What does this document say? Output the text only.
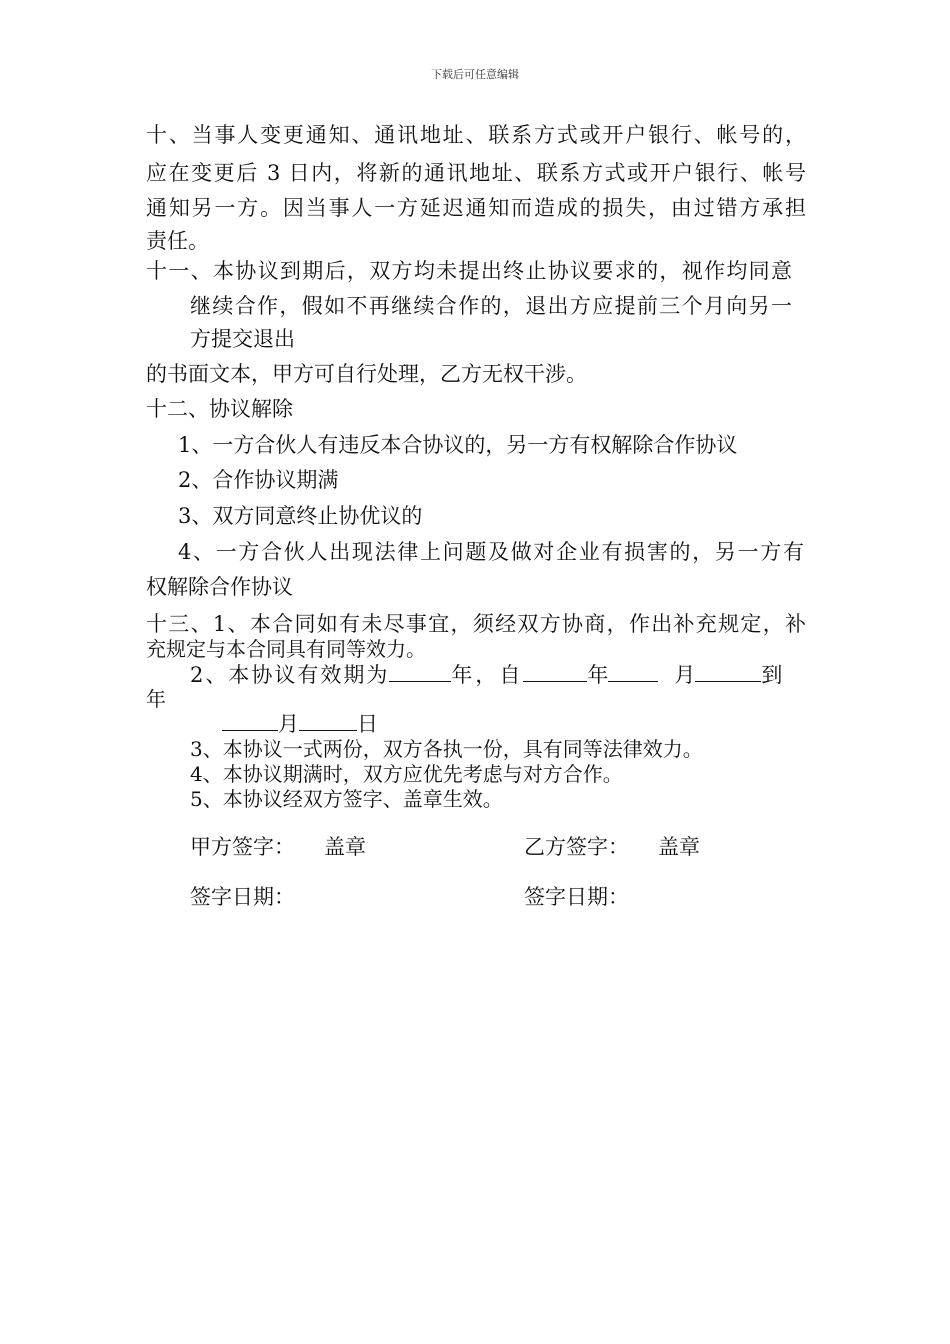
下载后可任意编辑
十、当事人变更通知、通讯地址、联系方式或开户银行、帐号的，
应在变更后 3 日内，将新的通讯地址、联系方式或开户银行、帐号
通知另一方。因当事人一方延迟通知而造成的损失，由过错方承担
责任。
十一、本协议到期后，双方均未提出终止协议要求的，视作均同意
继续合作，假如不再继续合作的，退出方应提前三个月向另一
方提交退出
的书面文本，甲方可自行处理，乙方无权干涉。
十二、协议解除
1、一方合伙人有违反本合协议的，另一方有权解除合作协议
2、合作协议期满
3、双方同意终止协优议的
4、一方合伙人出现法律上问题及做对企业有损害的，另一方有
权解除合作协议
十三、1、本合同如有未尽事宜，须经双方协商，作出补充规定，补
充规定与本合同具有同等效力。
2、本协议有效期为	年，自	年	月	到
年
月	日
3、本协议一式两份，双方各执一份，具有同等法律效力。
4、本协议期满时，双方应优先考虑与对方合作。
5、本协议经双方签字、盖章生效。
甲方签字： 盖章	乙方签字： 盖章
签字日期：	签字日期：
